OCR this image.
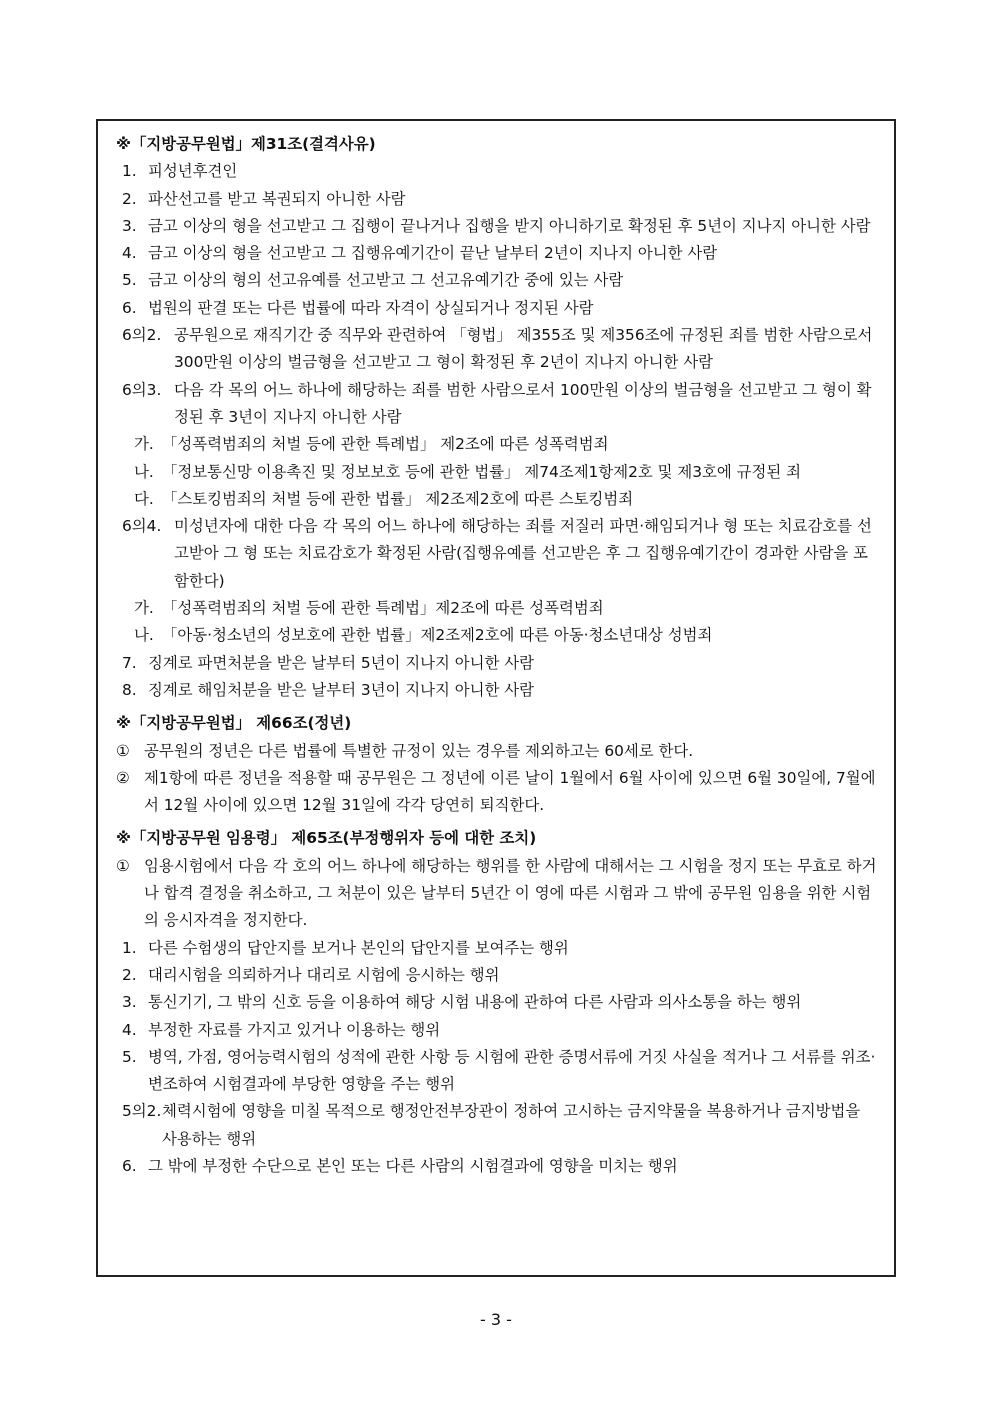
※「지방공무원법」제31조(결격사유)
1. 피성년후견인
2. 파산선고를 받고 복권되지 아니한 사람
3. 금고 이상의 형을 선고받고 그 집행이 끝나거나 집행을 받지 아니하기로 확정된 후 5년이 지나지 아니한 사람
4. 금고 이상의 형을 선고받고 그 집행유예기간이 끝난 날부터 2년이 지나지 아니한 사람
5. 금고 이상의 형의 선고유예를 선고받고 그 선고유예기간 중에 있는 사람
6. 법원의 판결 또는 다른 법률에 따라 자격이 상실되거나 정지된 사람
6의2. 공무원으로 재직기간 중 직무와 관련하여 「형법」 제355조 및 제356조에 규정된 죄를 범한 사람으로서 300만원 이상의 벌금형을 선고받고 그 형이 확정된 후 2년이 지나지 아니한 사람
6의3. 다음 각 목의 어느 하나에 해당하는 죄를 범한 사람으로서 100만원 이상의 벌금형을 선고받고 그 형이 확정된 후 3년이 지나지 아니한 사람
가. 「성폭력범죄의 처벌 등에 관한 특례법」 제2조에 따른 성폭력범죄
나. 「정보통신망 이용촉진 및 정보보호 등에 관한 법률」 제74조제1항제2호 및 제3호에 규정된 죄
다. 「스토킹범죄의 처벌 등에 관한 법률」 제2조제2호에 따른 스토킹범죄
6의4. 미성년자에 대한 다음 각 목의 어느 하나에 해당하는 죄를 저질러 파면·해임되거나 형 또는 치료감호를 선고받아 그 형 또는 치료감호가 확정된 사람(집행유예를 선고받은 후 그 집행유예기간이 경과한 사람을 포함한다)
가. 「성폭력범죄의 처벌 등에 관한 특례법」제2조에 따른 성폭력범죄
나. 「아동·청소년의 성보호에 관한 법률」제2조제2호에 따른 아동·청소년대상 성범죄
7. 징계로 파면처분을 받은 날부터 5년이 지나지 아니한 사람
8. 징계로 해임처분을 받은 날부터 3년이 지나지 아니한 사람
※「지방공무원법」 제66조(정년)
① 공무원의 정년은 다른 법률에 특별한 규정이 있는 경우를 제외하고는 60세로 한다.
② 제1항에 따른 정년을 적용할 때 공무원은 그 정년에 이른 날이 1월에서 6월 사이에 있으면 6월 30일에, 7월에서 12월 사이에 있으면 12월 31일에 각각 당연히 퇴직한다.
※「지방공무원 임용령」 제65조(부정행위자 등에 대한 조치)
① 임용시험에서 다음 각 호의 어느 하나에 해당하는 행위를 한 사람에 대해서는 그 시험을 정지 또는 무효로 하거나 합격 결정을 취소하고, 그 처분이 있은 날부터 5년간 이 영에 따른 시험과 그 밖에 공무원 임용을 위한 시험의 응시자격을 정지한다.
1. 다른 수험생의 답안지를 보거나 본인의 답안지를 보여주는 행위
2. 대리시험을 의뢰하거나 대리로 시험에 응시하는 행위
3. 통신기기, 그 밖의 신호 등을 이용하여 해당 시험 내용에 관하여 다른 사람과 의사소통을 하는 행위
4. 부정한 자료를 가지고 있거나 이용하는 행위
5. 병역, 가점, 영어능력시험의 성적에 관한 사항 등 시험에 관한 증명서류에 거짓 사실을 적거나 그 서류를 위조·변조하여 시험결과에 부당한 영향을 주는 행위
5의2. 체력시험에 영향을 미칠 목적으로 행정안전부장관이 정하여 고시하는 금지약물을 복용하거나 금지방법을 사용하는 행위
6. 그 밖에 부정한 수단으로 본인 또는 다른 사람의 시험결과에 영향을 미치는 행위
- 3 -
